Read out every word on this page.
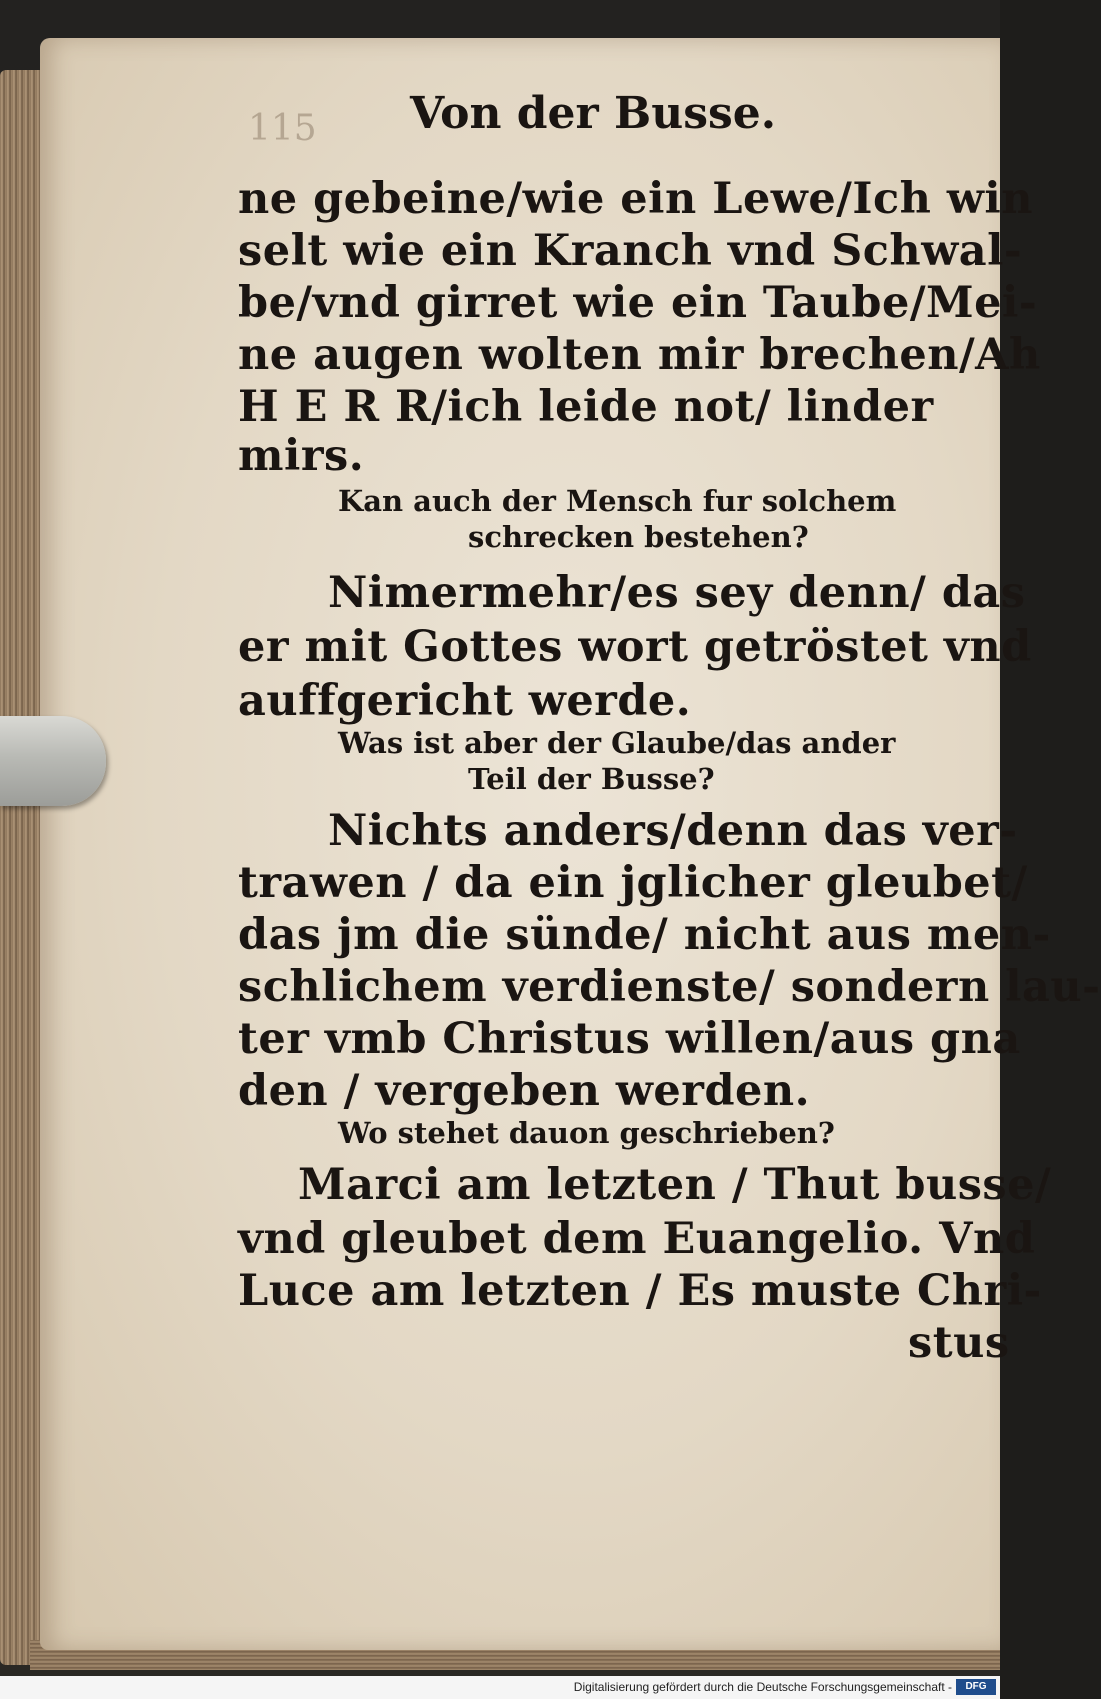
115 Von der Busse.
ne gebeine/wie ein Lewe/Ich win
selt wie ein Kranch vnd Schwal-
be/vnd girret wie ein Taube/Mei-
ne augen wolten mir brechen/Ah
H E R R/ich leide not/ linder
mirs.
Kan auch der Mensch fur solchem
schrecken bestehen?
Nimermehr/es sey denn/ das
er mit Gottes wort getröstet vnd
auffgericht werde.
Was ist aber der Glaube/das ander
Teil der Busse?
Nichts anders/denn das ver-
trawen / da ein jglicher gleubet/
das jm die sünde/ nicht aus men-
schlichem verdienste/ sondern lau-
ter vmb Christus willen/aus gna
den / vergeben werden.
Wo stehet dauon geschrieben?
Marci am letzten / Thut busse/
vnd gleubet dem Euangelio. Vnd
Luce am letzten / Es muste Chri-
stus
Digitalisierung gefördert durch die Deutsche Forschungsgemeinschaft -	DFG
